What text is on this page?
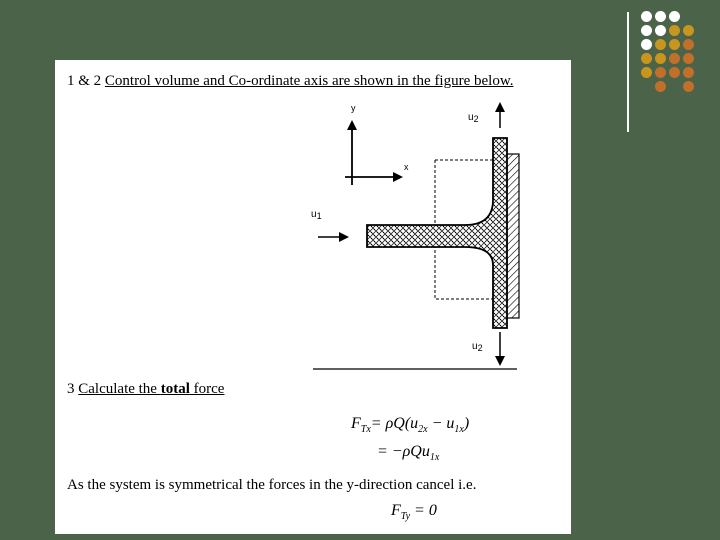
1 & 2 Control volume and Co-ordinate axis are shown in the figure below.
y
x
u1
u2
u2
3 Calculate the total force
$F_{Tx}= \rho Q(u_{2x} - u_{1x})$
= −ρQu$_{1x}$
As the system is symmetrical the forces in the y-direction cancel i.e.
$F_{Ty} = 0$
